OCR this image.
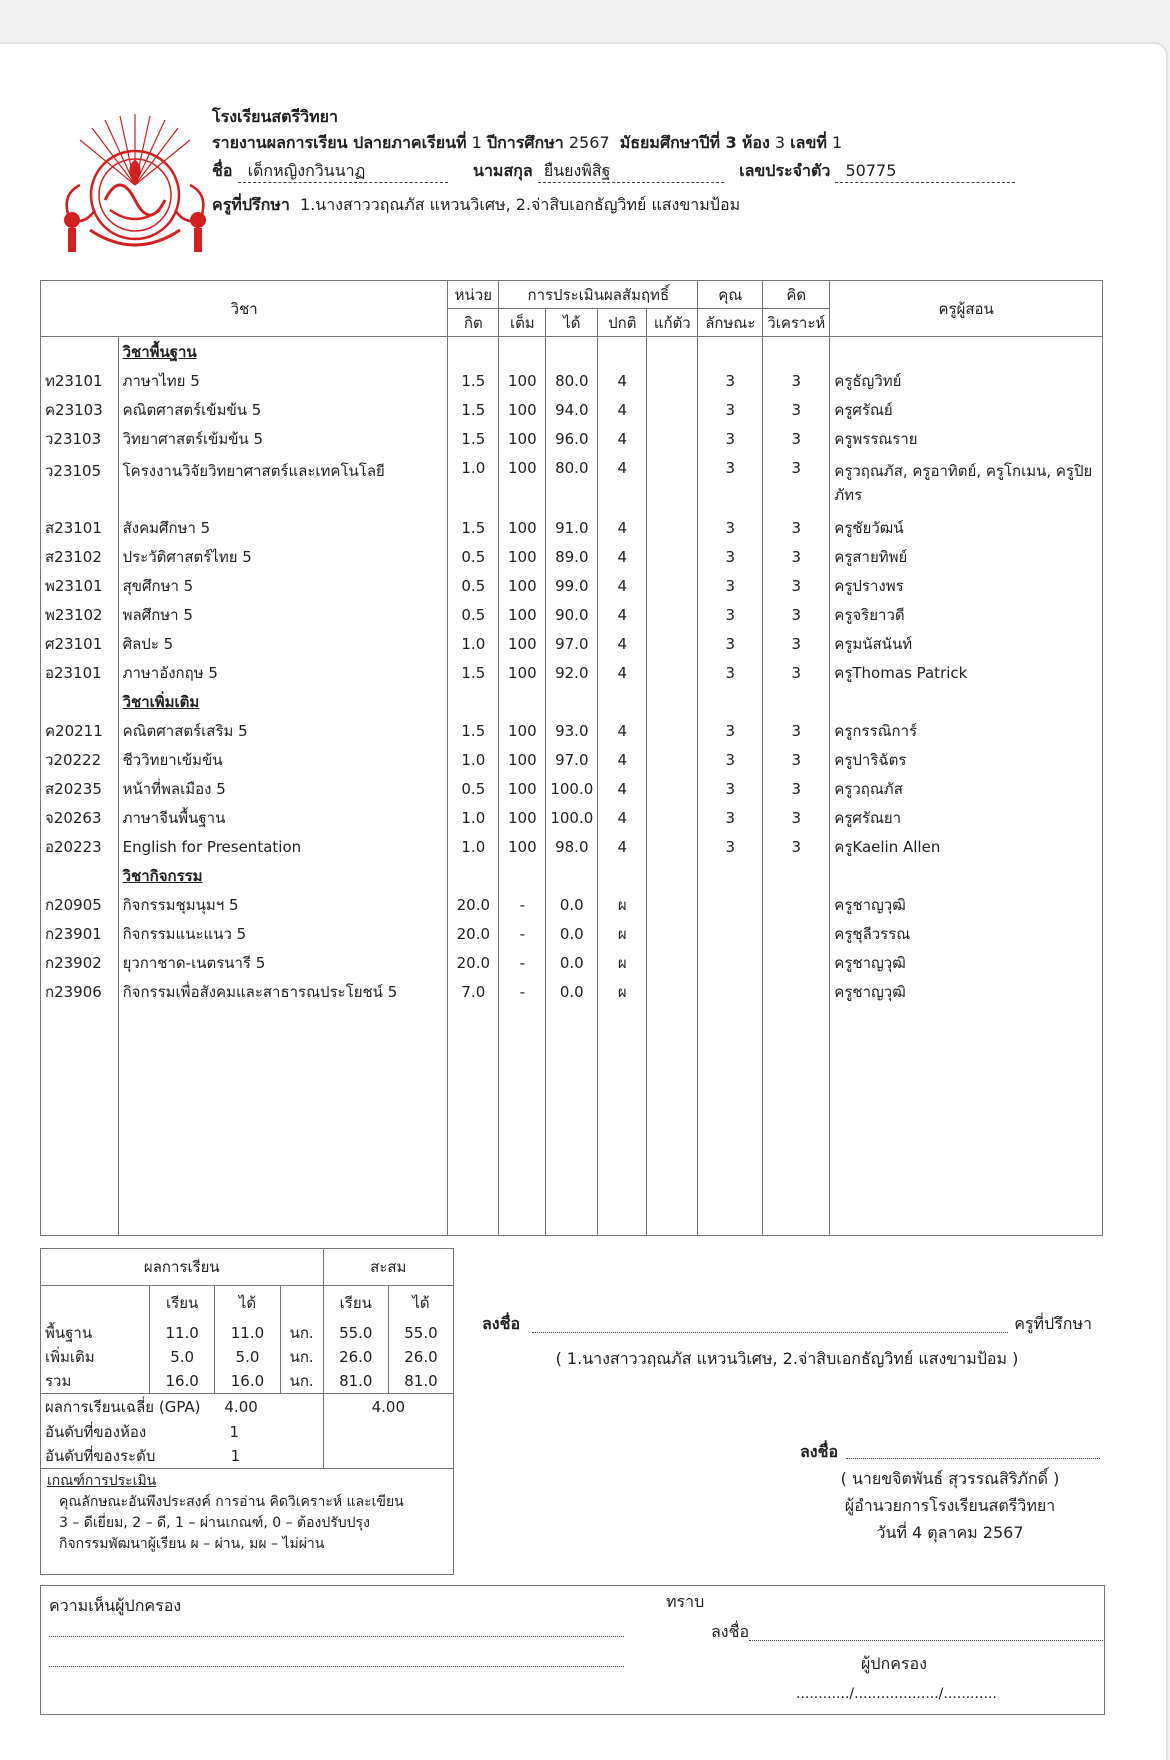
โรงเรียนสตรีวิทยา
รายงานผลการเรียน ปลายภาคเรียนที่ 1 ปีการศึกษา 2567 มัธยมศึกษาปีที่ 3 ห้อง 3 เลขที่ 1
ชื่อ เด็กหญิงกวินนาฏ	นามสกุล ยืนยงพิสิฐ	เลขประจำตัว 50775
ครูที่ปรึกษา 1.นางสาววฤณภัส แหวนวิเศษ, 2.จ่าสิบเอกธัญวิทย์ แสงขามป้อม
วิชา		หน่วย	การประเมินผลสัมฤทธิ์				คุณ	คิด	ครูผู้สอน
		กิต	เต็ม	ได้	ปกติ	แก้ตัว	ลักษณะ	วิเคราะห์	
	วิชาพื้นฐาน								
ท23101	ภาษาไทย 5	1.5	100	80.0	4		3	3	ครูธัญวิทย์
ค23103	คณิตศาสตร์เข้มข้น 5	1.5	100	94.0	4		3	3	ครูศรัณย์
ว23103	วิทยาศาสตร์เข้มข้น 5	1.5	100	96.0	4		3	3	ครูพรรณราย
ว23105	โครงงานวิจัยวิทยาศาสตร์และเทคโนโลยี	1.0	100	80.0	4		3	3	ครูวฤณภัส, ครูอาทิตย์, ครูโกเมน, ครูปิยภัทร
ส23101	สังคมศึกษา 5	1.5	100	91.0	4		3	3	ครูชัยวัฒน์
ส23102	ประวัติศาสตร์ไทย 5	0.5	100	89.0	4		3	3	ครูสายทิพย์
พ23101	สุขศึกษา 5	0.5	100	99.0	4		3	3	ครูปรางพร
พ23102	พลศึกษา 5	0.5	100	90.0	4		3	3	ครูจริยาวดี
ศ23101	ศิลปะ 5	1.0	100	97.0	4		3	3	ครูมนัสนันท์
อ23101	ภาษาอังกฤษ 5	1.5	100	92.0	4		3	3	ครูThomas Patrick
	วิชาเพิ่มเติม								
ค20211	คณิตศาสตร์เสริม 5	1.5	100	93.0	4		3	3	ครูกรรณิการ์
ว20222	ชีววิทยาเข้มข้น	1.0	100	97.0	4		3	3	ครูปาริฉัตร
ส20235	หน้าที่พลเมือง 5	0.5	100	100.0	4		3	3	ครูวฤณภัส
จ20263	ภาษาจีนพื้นฐาน	1.0	100	100.0	4		3	3	ครูศรัณยา
อ20223	English for Presentation	1.0	100	98.0	4		3	3	ครูKaelin Allen
	วิชากิจกรรม								
ก20905	กิจกรรมชุมนุมฯ 5	20.0	-	0.0	ผ				ครูชาญวุฒิ
ก23901	กิจกรรมแนะแนว 5	20.0	-	0.0	ผ				ครูชุลีวรรณ
ก23902	ยุวกาชาด-เนตรนารี 5	20.0	-	0.0	ผ				ครูชาญวุฒิ
ก23906	กิจกรรมเพื่อสังคมและสาธารณประโยชน์ 5	7.0	-	0.0	ผ				ครูชาญวุฒิ

ผลการเรียน				สะสม	
	เรียน	ได้		เรียน	ได้
พื้นฐาน	11.0	11.0	นก.	55.0	55.0
เพิ่มเติม	5.0	5.0	นก.	26.0	26.0
รวม	16.0	16.0	นก.	81.0	81.0
ผลการเรียนเฉลี่ย (GPA) 4.00				4.00	
อันดับที่ของห้อง 1					
อันดับที่ของระดับ 1					
เกณฑ์การประเมิน
คุณลักษณะอันพึงประสงค์ การอ่าน คิดวิเคราะห์ และเขียน
3 – ดีเยี่ยม, 2 – ดี, 1 – ผ่านเกณฑ์, 0 – ต้องปรับปรุง
กิจกรรมพัฒนาผู้เรียน ผ – ผ่าน, มผ – ไม่ผ่าน
ลงชื่อ	ครูที่ปรึกษา
( 1.นางสาววฤณภัส แหวนวิเศษ, 2.จ่าสิบเอกธัญวิทย์ แสงขามป้อม )
ลงชื่อ
( นายขจิตพันธ์ สุวรรณสิริภักดิ์ )
ผู้อำนวยการโรงเรียนสตรีวิทยา
วันที่ 4 ตุลาคม 2567
ความเห็นผู้ปกครอง	ทราบ
ลงชื่อ
ผู้ปกครอง
............/.................../............
